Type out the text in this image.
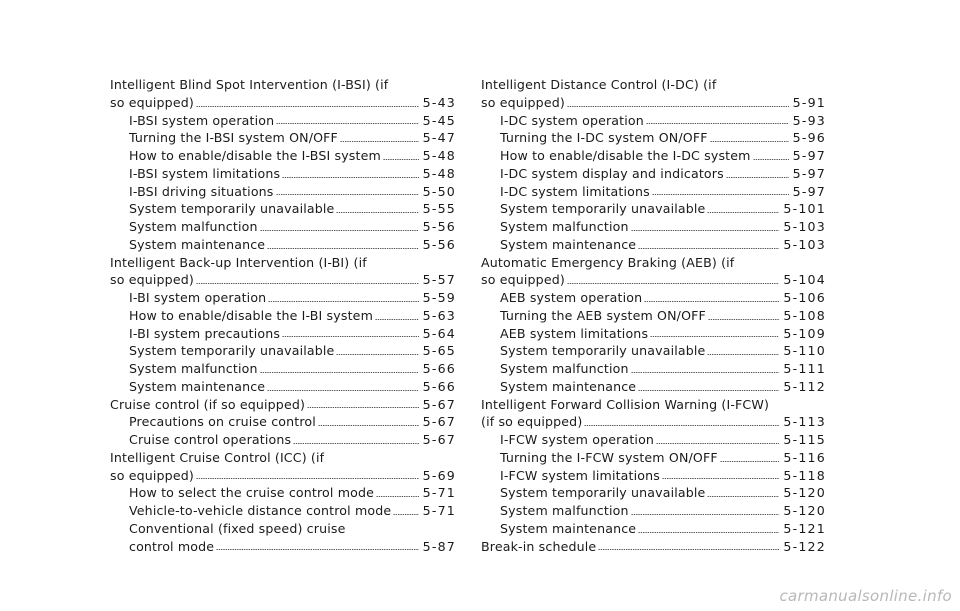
Intelligent Blind Spot Intervention (I-BSI) (if
so equipped)	5-43
I-BSI system operation	5-45
Turning the I-BSI system ON/OFF	5-47
How to enable/disable the I-BSI system	5-48
I-BSI system limitations	5-48
I-BSI driving situations	5-50
System temporarily unavailable	5-55
System malfunction	5-56
System maintenance	5-56
Intelligent Back-up Intervention (I-BI) (if
so equipped)	5-57
I-BI system operation	5-59
How to enable/disable the I-BI system	5-63
I-BI system precautions	5-64
System temporarily unavailable	5-65
System malfunction	5-66
System maintenance	5-66
Cruise control (if so equipped)	5-67
Precautions on cruise control	5-67
Cruise control operations	5-67
Intelligent Cruise Control (ICC) (if
so equipped)	5-69
How to select the cruise control mode	5-71
Vehicle-to-vehicle distance control mode 5-71
Conventional (fixed speed) cruise
control mode	5-87
Intelligent Distance Control (I-DC) (if
so equipped)	5-91
I-DC system operation	5-93
Turning the I-DC system ON/OFF	5-96
How to enable/disable the I-DC system	5-97
I-DC system display and indicators	5-97
I-DC system limitations	5-97
System temporarily unavailable	5-101
System malfunction	5-103
System maintenance	5-103
Automatic Emergency Braking (AEB) (if
so equipped)	5-104
AEB system operation	5-106
Turning the AEB system ON/OFF	5-108
AEB system limitations	5-109
System temporarily unavailable	5-110
System malfunction	5-111
System maintenance	5-112
Intelligent Forward Collision Warning (I-FCW)
(if so equipped)	5-113
I-FCW system operation	5-115
Turning the I-FCW system ON/OFF	5-116
I-FCW system limitations	5-118
System temporarily unavailable	5-120
System malfunction	5-120
System maintenance	5-121
Break-in schedule	5-122
carmanualsonline.info
